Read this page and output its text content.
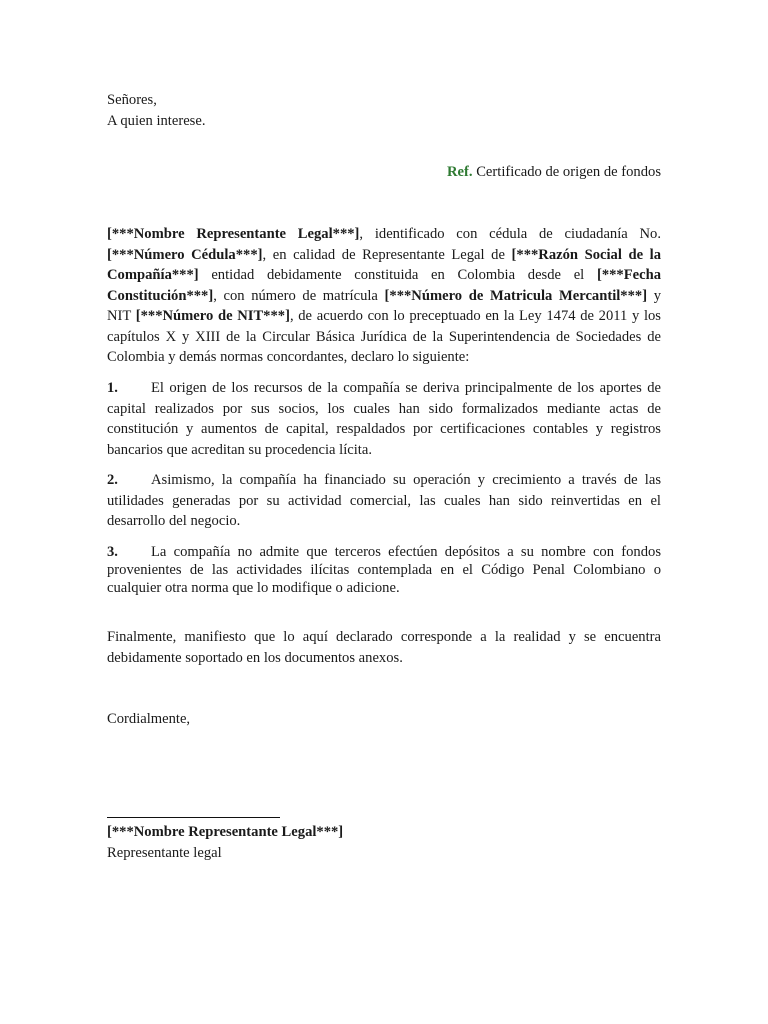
Señores,
A quien interese.
Ref. Certificado de origen de fondos

[***Nombre Representante Legal***], identificado con cédula de ciudadanía No. [***Número Cédula***], en calidad de Representante Legal de [***Razón Social de la Compañía***] entidad debidamente constituida en Colombia desde el [***Fecha Constitución***], con número de matrícula [***Número de Matricula Mercantil***] y NIT [***Número de NIT***], de acuerdo con lo preceptuado en la Ley 1474 de 2011 y los capítulos X y XIII de la Circular Básica Jurídica de la Superintendencia de Sociedades de Colombia y demás normas concordantes, declaro lo siguiente:

1. El origen de los recursos de la compañía se deriva principalmente de los aportes de capital realizados por sus socios, los cuales han sido formalizados mediante actas de constitución y aumentos de capital, respaldados por certificaciones contables y registros bancarios que acreditan su procedencia lícita.

2. Asimismo, la compañía ha financiado su operación y crecimiento a través de las utilidades generadas por su actividad comercial, las cuales han sido reinvertidas en el desarrollo del negocio.

3. La compañía no admite que terceros efectúen depósitos a su nombre con fondos provenientes de las actividades ilícitas contemplada en el Código Penal Colombiano o cualquier otra norma que lo modifique o adicione.

Finalmente, manifiesto que lo aquí declarado corresponde a la realidad y se encuentra debidamente soportado en los documentos anexos.

Cordialmente,
[***Nombre Representante Legal***]
Representante legal
